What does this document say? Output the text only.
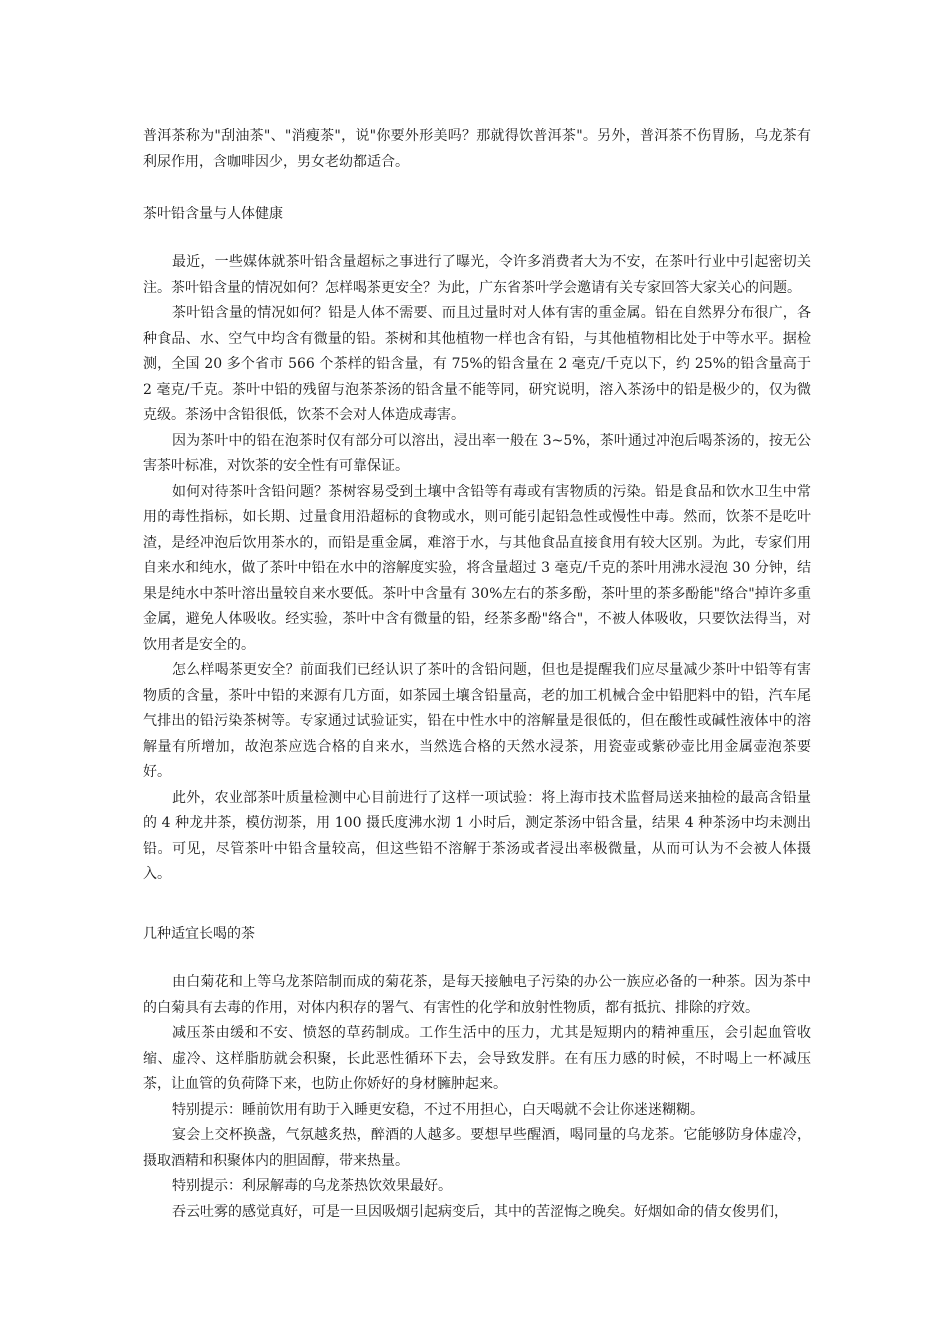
普洱茶称为"刮油茶"、"消瘦茶"，说"你要外形美吗？那就得饮普洱茶"。另外，普洱茶不伤胃肠，乌龙茶有利尿作用，含咖啡因少，男女老幼都适合。

茶叶铅含量与人体健康

最近，一些媒体就茶叶铅含量超标之事进行了曝光，令许多消费者大为不安，在茶叶行业中引起密切关注。茶叶铅含量的情况如何？怎样喝茶更安全？为此，广东省茶叶学会邀请有关专家回答大家关心的问题。

茶叶铅含量的情况如何？铅是人体不需要、而且过量时对人体有害的重金属。铅在自然界分布很广，各种食品、水、空气中均含有微量的铅。茶树和其他植物一样也含有铅，与其他植物相比处于中等水平。据检测，全国 20 多个省市 566 个茶样的铅含量，有 75%的铅含量在 2 毫克/千克以下，约 25%的铅含量高于 2 毫克/千克。茶叶中铅的残留与泡茶茶汤的铅含量不能等同，研究说明，溶入茶汤中的铅是极少的，仅为微克级。茶汤中含铅很低，饮茶不会对人体造成毒害。

因为茶叶中的铅在泡茶时仅有部分可以溶出，浸出率一般在 3~5%，茶叶通过冲泡后喝茶汤的，按无公害茶叶标准，对饮茶的安全性有可靠保证。

如何对待茶叶含铅问题？茶树容易受到土壤中含铅等有毒或有害物质的污染。铅是食品和饮水卫生中常用的毒性指标，如长期、过量食用沿超标的食物或水，则可能引起铅急性或慢性中毒。然而，饮茶不是吃叶渣，是经冲泡后饮用茶水的，而铅是重金属，难溶于水，与其他食品直接食用有较大区别。为此，专家们用自来水和纯水，做了茶叶中铅在水中的溶解度实验，将含量超过 3 毫克/千克的茶叶用沸水浸泡 30 分钟，结果是纯水中茶叶溶出量较自来水要低。茶叶中含量有 30%左右的茶多酚，茶叶里的茶多酚能"络合"掉许多重金属，避免人体吸收。经实验，茶叶中含有微量的铅，经茶多酚"络合"，不被人体吸收，只要饮法得当，对饮用者是安全的。

怎么样喝茶更安全？前面我们已经认识了茶叶的含铅问题，但也是提醒我们应尽量减少茶叶中铅等有害物质的含量，茶叶中铅的来源有几方面，如茶园土壤含铅量高，老的加工机械合金中铅肥料中的铅，汽车尾气排出的铅污染茶树等。专家通过试验证实，铅在中性水中的溶解量是很低的，但在酸性或碱性液体中的溶解量有所增加，故泡茶应选合格的自来水，当然选合格的天然水浸茶，用瓷壶或紫砂壶比用金属壶泡茶要好。

此外，农业部茶叶质量检测中心目前进行了这样一项试验：将上海市技术监督局送来抽检的最高含铅量的 4 种龙井茶，模仿沏茶，用 100 摄氏度沸水沏 1 小时后，测定茶汤中铅含量，结果 4 种茶汤中均未测出铅。可见，尽管茶叶中铅含量较高，但这些铅不溶解于茶汤或者浸出率极微量，从而可认为不会被人体摄入。

几种适宜长喝的茶

由白菊花和上等乌龙茶陪制而成的菊花茶，是每天接触电子污染的办公一族应必备的一种茶。因为茶中的白菊具有去毒的作用，对体内积存的署气、有害性的化学和放射性物质，都有抵抗、排除的疗效。

减压茶由缓和不安、愤怒的草药制成。工作生活中的压力，尤其是短期内的精神重压，会引起血管收缩、虚冷、这样脂肪就会积聚，长此恶性循环下去，会导致发胖。在有压力感的时候，不时喝上一杯减压茶，让血管的负荷降下来，也防止你娇好的身材臃肿起来。

特别提示：睡前饮用有助于入睡更安稳，不过不用担心，白天喝就不会让你迷迷糊糊。

宴会上交杯换盏，气氛越炙热，醉酒的人越多。要想早些醒酒，喝同量的乌龙茶。它能够防身体虚冷，摄取酒精和积聚体内的胆固醇，带来热量。

特别提示：利尿解毒的乌龙茶热饮效果最好。

吞云吐雾的感觉真好，可是一旦因吸烟引起病变后，其中的苦涩悔之晚矣。好烟如命的倩女俊男们，
